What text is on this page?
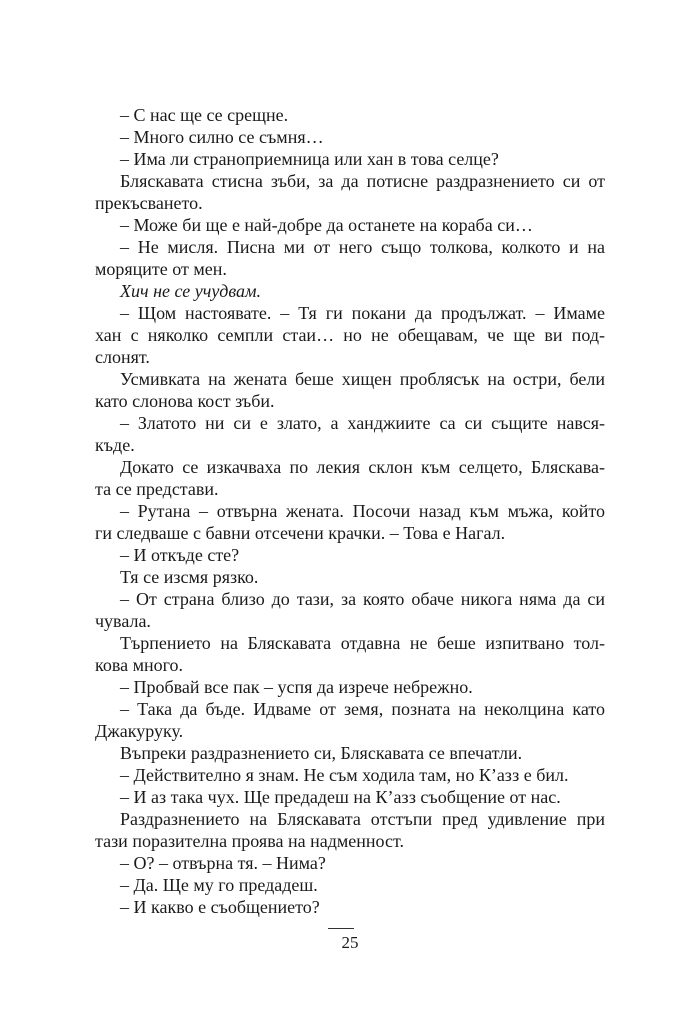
– С нас ще се срещне.
– Много силно се съмня…
– Има ли страноприемница или хан в това селце?
Бляскавата стисна зъби, за да потисне раздразнението си от
прекъсването.
– Може би ще е най-добре да останете на кораба си…
– Не мисля. Писна ми от него също толкова, колкото и на
моряците от мен.
Хич не се учудвам.
– Щом настоявате. – Тя ги покани да продължат. – Имаме
хан с няколко семпли стаи… но не обещавам, че ще ви под-
слонят.
Усмивката на жената беше хищен проблясък на остри, бели
като слонова кост зъби.
– Златото ни си е злато, а ханджиите са си същите нався-
къде.
Докато се изкачваха по лекия склон към селцето, Бляскава-
та се представи.
– Рутана – отвърна жената. Посочи назад към мъжа, който
ги следваше с бавни отсечени крачки. – Това е Нагал.
– И откъде сте?
Тя се изсмя рязко.
– От страна близо до тази, за която обаче никога няма да си
чувала.
Търпението на Бляскавата отдавна не беше изпитвано тол-
кова много.
– Пробвай все пак – успя да изрече небрежно.
– Така да бъде. Идваме от земя, позната на неколцина като
Джакуруку.
Въпреки раздразнението си, Бляскавата се впечатли.
– Действително я знам. Не съм ходила там, но К’азз е бил.
– И аз така чух. Ще предадеш на К’азз съобщение от нас.
Раздразнението на Бляскавата отстъпи пред удивление при
тази поразителна проява на надменност.
– О? – отвърна тя. – Нима?
– Да. Ще му го предадеш.
– И какво е съобщението?
25
